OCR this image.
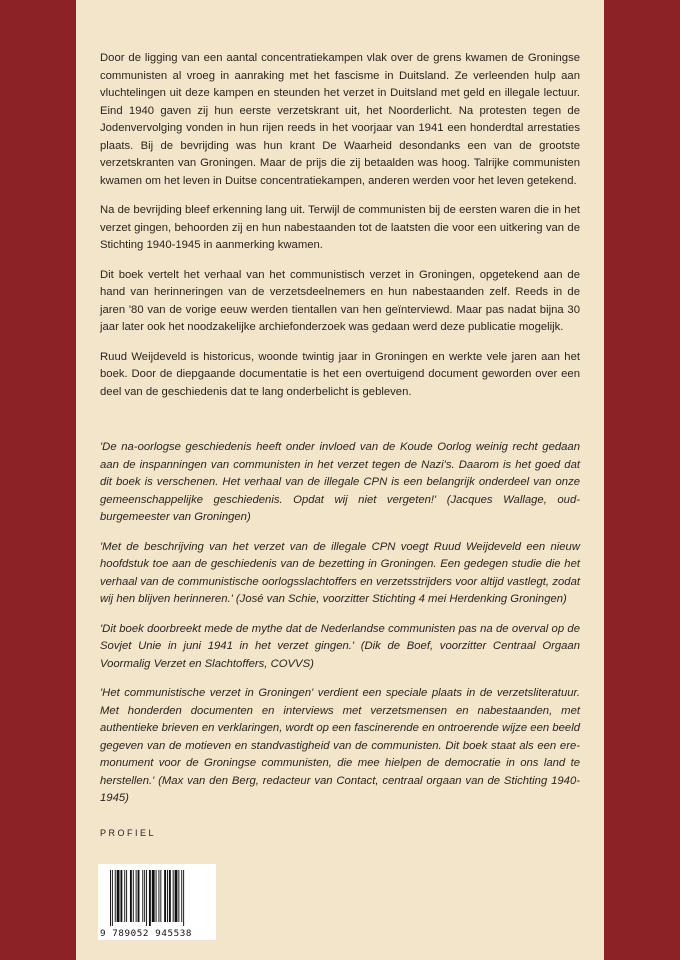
Door de ligging van een aantal concentratiekampen vlak over de grens kwamen de Groningse communisten al vroeg in aanraking met het fascisme in Duitsland. Ze verleenden hulp aan vluchtelingen uit deze kampen en steunden het verzet in Duitsland met geld en illegale lectuur. Eind 1940 gaven zij hun eerste verzetskrant uit, het Noorderlicht. Na protesten tegen de Jodenvervolging vonden in hun rijen reeds in het voorjaar van 1941 een honderdtal arrestaties plaats. Bij de bevrijding was hun krant De Waarheid desondanks een van de grootste verzetskranten van Groningen. Maar de prijs die zij betaalden was hoog. Talrijke communisten kwamen om het leven in Duitse concentratiekampen, anderen werden voor het leven getekend.

Na de bevrijding bleef erkenning lang uit. Terwijl de communisten bij de eersten waren die in het verzet gingen, behoorden zij en hun nabestaanden tot de laatsten die voor een uitkering van de Stichting 1940-1945 in aanmerking kwamen.

Dit boek vertelt het verhaal van het communistisch verzet in Groningen, opgetekend aan de hand van herinneringen van de verzetsdeelnemers en hun nabestaanden zelf. Reeds in de jaren '80 van de vorige eeuw werden tientallen van hen geïnterviewd. Maar pas nadat bijna 30 jaar later ook het noodzakelijke archiefonderzoek was gedaan werd deze publicatie mogelijk.

Ruud Weijdeveld is historicus, woonde twintig jaar in Groningen en werkte vele jaren aan het boek. Door de diepgaande documentatie is het een overtuigend document geworden over een deel van de geschiedenis dat te lang onderbelicht is gebleven.

'De na-oorlogse geschiedenis heeft onder invloed van de Koude Oorlog weinig recht gedaan aan de inspanningen van communisten in het verzet tegen de Nazi's. Daarom is het goed dat dit boek is verschenen. Het verhaal van de illegale CPN is een belangrijk onderdeel van onze gemeenschappelijke geschiedenis. Opdat wij niet vergeten!' (Jacques Wallage, oud-burgemeester van Groningen)

'Met de beschrijving van het verzet van de illegale CPN voegt Ruud Weijdeveld een nieuw hoofdstuk toe aan de geschiedenis van de bezetting in Groningen. Een gedegen studie die het verhaal van de communistische oorlogsslachtoffers en verzetsstrijders voor altijd vastlegt, zodat wij hen blijven herinneren.' (José van Schie, voorzitter Stichting 4 mei Herdenking Groningen)

'Dit boek doorbreekt mede de mythe dat de Nederlandse communisten pas na de overval op de Sovjet Unie in juni 1941 in het verzet gingen.' (Dik de Boef, voorzitter Centraal Orgaan Voormalig Verzet en Slachtoffers, COVVS)

'Het communistische verzet in Groningen' verdient een speciale plaats in de verzetsliteratuur. Met honderden documenten en interviews met verzetsmensen en nabestaanden, met authentieke brieven en verklaringen, wordt op een fascinerende en ontroerende wijze een beeld gegeven van de motieven en standvastigheid van de communisten. Dit boek staat als een ere-monument voor de Groningse communisten, die mee hielpen de democratie in ons land te herstellen.' (Max van den Berg, redacteur van Contact, centraal orgaan van de Stichting 1940-1945)

PROFIEL
9 789052 945538
